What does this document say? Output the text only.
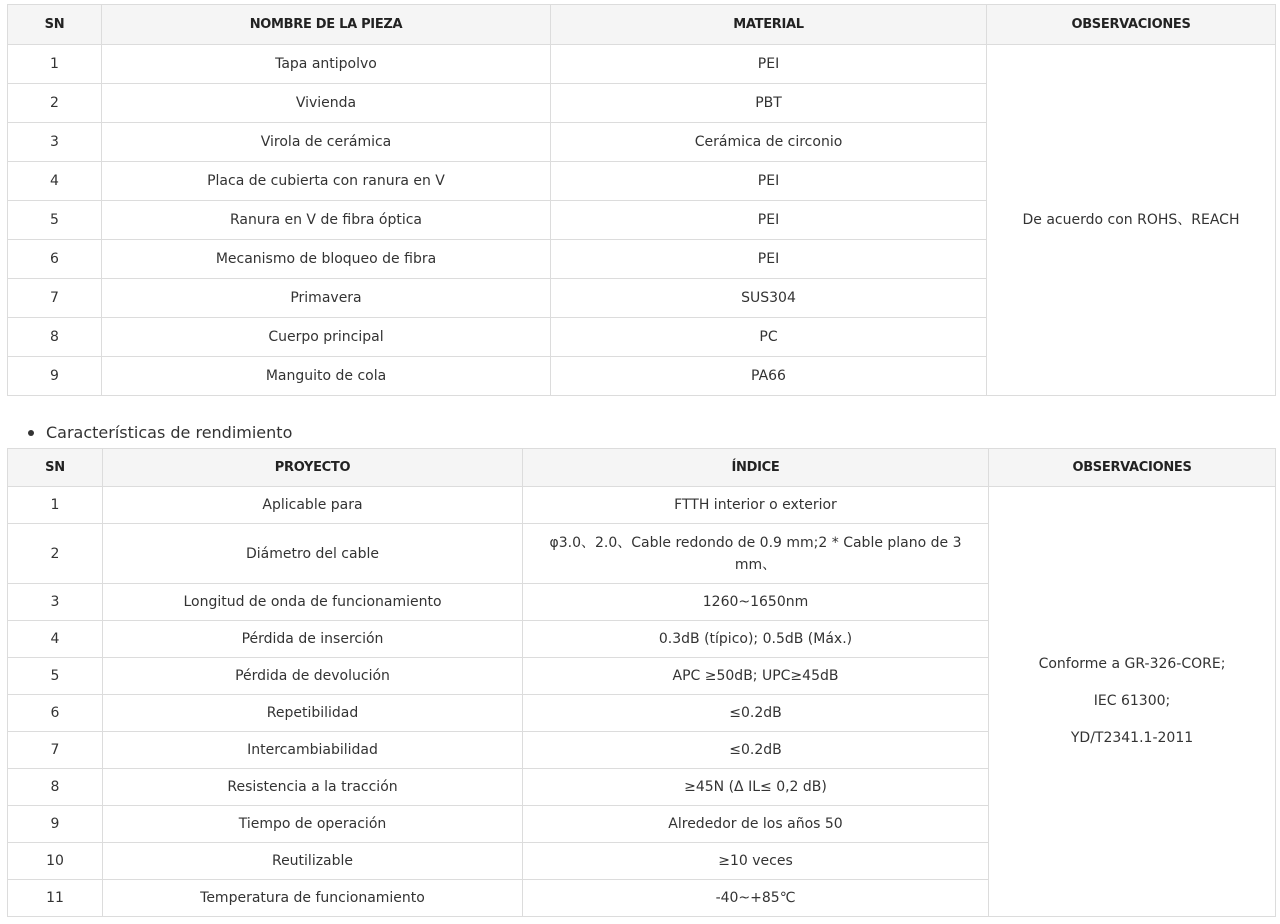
SN	NOMBRE DE LA PIEZA	MATERIAL	OBSERVACIONES
1	Tapa antipolvo	PEI	De acuerdo con ROHS、REACH
2	Vivienda	PBT	
3	Virola de cerámica	Cerámica de circonio	
4	Placa de cubierta con ranura en V	PEI	
5	Ranura en V de fibra óptica	PEI	
6	Mecanismo de bloqueo de fibra	PEI	
7	Primavera	SUS304	
8	Cuerpo principal	PC	
9	Manguito de cola	PA66	
Características de rendimiento
SN	PROYECTO	ÍNDICE	OBSERVACIONES
1	Aplicable para	FTTH interior o exterior	Conforme a GR-326-CORE;
IEC 61300;
YD/T2341.1-2011

2	Diámetro del cable	φ3.0、2.0、Cable redondo de 0.9 mm;2 * Cable plano de 3 mm、	
3	Longitud de onda de funcionamiento	1260~1650nm	
4	Pérdida de inserción	0.3dB (típico); 0.5dB (Máx.)	
5	Pérdida de devolución	APC ≥50dB; UPC≥45dB	
6	Repetibilidad	≤0.2dB	
7	Intercambiabilidad	≤0.2dB	
8	Resistencia a la tracción	≥45N (Δ IL≤ 0,2 dB)	
9	Tiempo de operación	Alrededor de los años 50	
10	Reutilizable	≥10 veces	
11	Temperatura de funcionamiento	-40~+85℃	
